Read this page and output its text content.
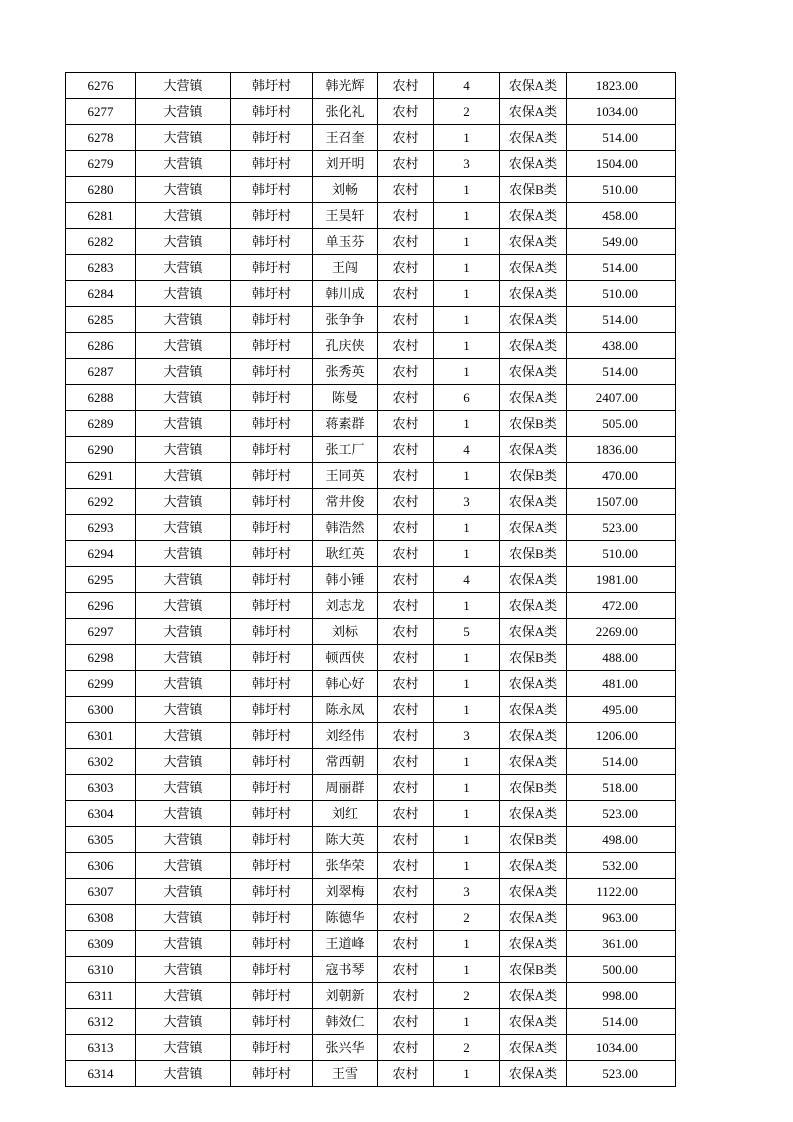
6276	大营镇	韩圩村	韩光辉	农村	4	农保A类	1823.00
6277	大营镇	韩圩村	张化礼	农村	2	农保A类	1034.00
6278	大营镇	韩圩村	王召奎	农村	1	农保A类	514.00
6279	大营镇	韩圩村	刘开明	农村	3	农保A类	1504.00
6280	大营镇	韩圩村	刘畅	农村	1	农保B类	510.00
6281	大营镇	韩圩村	王昊轩	农村	1	农保A类	458.00
6282	大营镇	韩圩村	单玉芬	农村	1	农保A类	549.00
6283	大营镇	韩圩村	王闯	农村	1	农保A类	514.00
6284	大营镇	韩圩村	韩川成	农村	1	农保A类	510.00
6285	大营镇	韩圩村	张争争	农村	1	农保A类	514.00
6286	大营镇	韩圩村	孔庆侠	农村	1	农保A类	438.00
6287	大营镇	韩圩村	张秀英	农村	1	农保A类	514.00
6288	大营镇	韩圩村	陈曼	农村	6	农保A类	2407.00
6289	大营镇	韩圩村	蒋素群	农村	1	农保B类	505.00
6290	大营镇	韩圩村	张工厂	农村	4	农保A类	1836.00
6291	大营镇	韩圩村	王同英	农村	1	农保B类	470.00
6292	大营镇	韩圩村	常井俊	农村	3	农保A类	1507.00
6293	大营镇	韩圩村	韩浩然	农村	1	农保A类	523.00
6294	大营镇	韩圩村	耿红英	农村	1	农保B类	510.00
6295	大营镇	韩圩村	韩小锤	农村	4	农保A类	1981.00
6296	大营镇	韩圩村	刘志龙	农村	1	农保A类	472.00
6297	大营镇	韩圩村	刘标	农村	5	农保A类	2269.00
6298	大营镇	韩圩村	顿西侠	农村	1	农保B类	488.00
6299	大营镇	韩圩村	韩心好	农村	1	农保A类	481.00
6300	大营镇	韩圩村	陈永凤	农村	1	农保A类	495.00
6301	大营镇	韩圩村	刘经伟	农村	3	农保A类	1206.00
6302	大营镇	韩圩村	常西朝	农村	1	农保A类	514.00
6303	大营镇	韩圩村	周丽群	农村	1	农保B类	518.00
6304	大营镇	韩圩村	刘红	农村	1	农保A类	523.00
6305	大营镇	韩圩村	陈大英	农村	1	农保B类	498.00
6306	大营镇	韩圩村	张华荣	农村	1	农保A类	532.00
6307	大营镇	韩圩村	刘翠梅	农村	3	农保A类	1122.00
6308	大营镇	韩圩村	陈德华	农村	2	农保A类	963.00
6309	大营镇	韩圩村	王道峰	农村	1	农保A类	361.00
6310	大营镇	韩圩村	寇书琴	农村	1	农保B类	500.00
6311	大营镇	韩圩村	刘朝新	农村	2	农保A类	998.00
6312	大营镇	韩圩村	韩效仁	农村	1	农保A类	514.00
6313	大营镇	韩圩村	张兴华	农村	2	农保A类	1034.00
6314	大营镇	韩圩村	王雪	农村	1	农保A类	523.00
